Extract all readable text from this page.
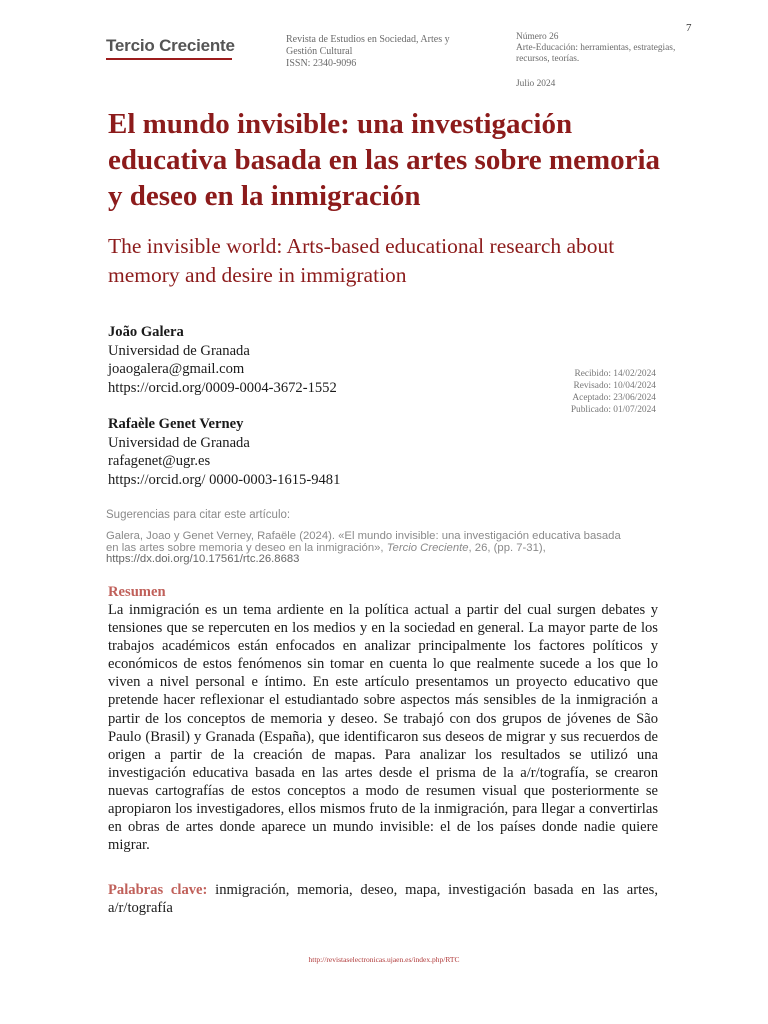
7
Tercio Creciente	Revista de Estudios en Sociedad, Artes y Gestión Cultural
ISSN: 2340-9096
Número 26
Arte-Educación: herramientas, estrategias, recursos, teorías.
Julio 2024
El mundo invisible: una investigación educativa basada en las artes sobre memoria y deseo en la inmigración
The invisible world: Arts-based educational research about memory and desire in immigration
João Galera
Universidad de Granada
joaogalera@gmail.com
https://orcid.org/0009-0004-3672-1552
Rafaèle Genet Verney
Universidad de Granada
rafagenet@ugr.es
https://orcid.org/ 0000-0003-1615-9481
Recibido: 14/02/2024
Revisado: 10/04/2024
Aceptado: 23/06/2024
Publicado: 01/07/2024
Sugerencias para citar este artículo:
Galera, Joao y Genet Verney, Rafaële (2024). «El mundo invisible: una investigación educativa basada en las artes sobre memoria y deseo en la inmigración», Tercio Creciente, 26, (pp. 7-31), https://dx.doi.org/10.17561/rtc.26.8683
Resumen
La inmigración es un tema ardiente en la política actual a partir del cual surgen debates y tensiones que se repercuten en los medios y en la sociedad en general. La mayor parte de los trabajos académicos están enfocados en analizar principalmente los factores políticos y económicos de estos fenómenos sin tomar en cuenta lo que realmente sucede a los que lo viven a nivel personal e íntimo. En este artículo presentamos un proyecto educativo que pretende hacer reflexionar el estudiantado sobre aspectos más sensibles de la inmigración a partir de los conceptos de memoria y deseo. Se trabajó con dos grupos de jóvenes de São Paulo (Brasil) y Granada (España), que identificaron sus deseos de migrar y sus recuerdos de origen a partir de la creación de mapas. Para analizar los resultados se utilizó una investigación educativa basada en las artes desde el prisma de la a/r/tografía, se crearon nuevas cartografías de estos conceptos a modo de resumen visual que posteriormente se apropiaron los investigadores, ellos mismos fruto de la inmigración, para llegar a convertirlas en obras de artes donde aparece un mundo invisible: el de los países donde nadie quiere migrar.
Palabras clave: inmigración, memoria, deseo, mapa, investigación basada en las artes, a/r/tografía
http://revistaselectronicas.ujaen.es/index.php/RTC
